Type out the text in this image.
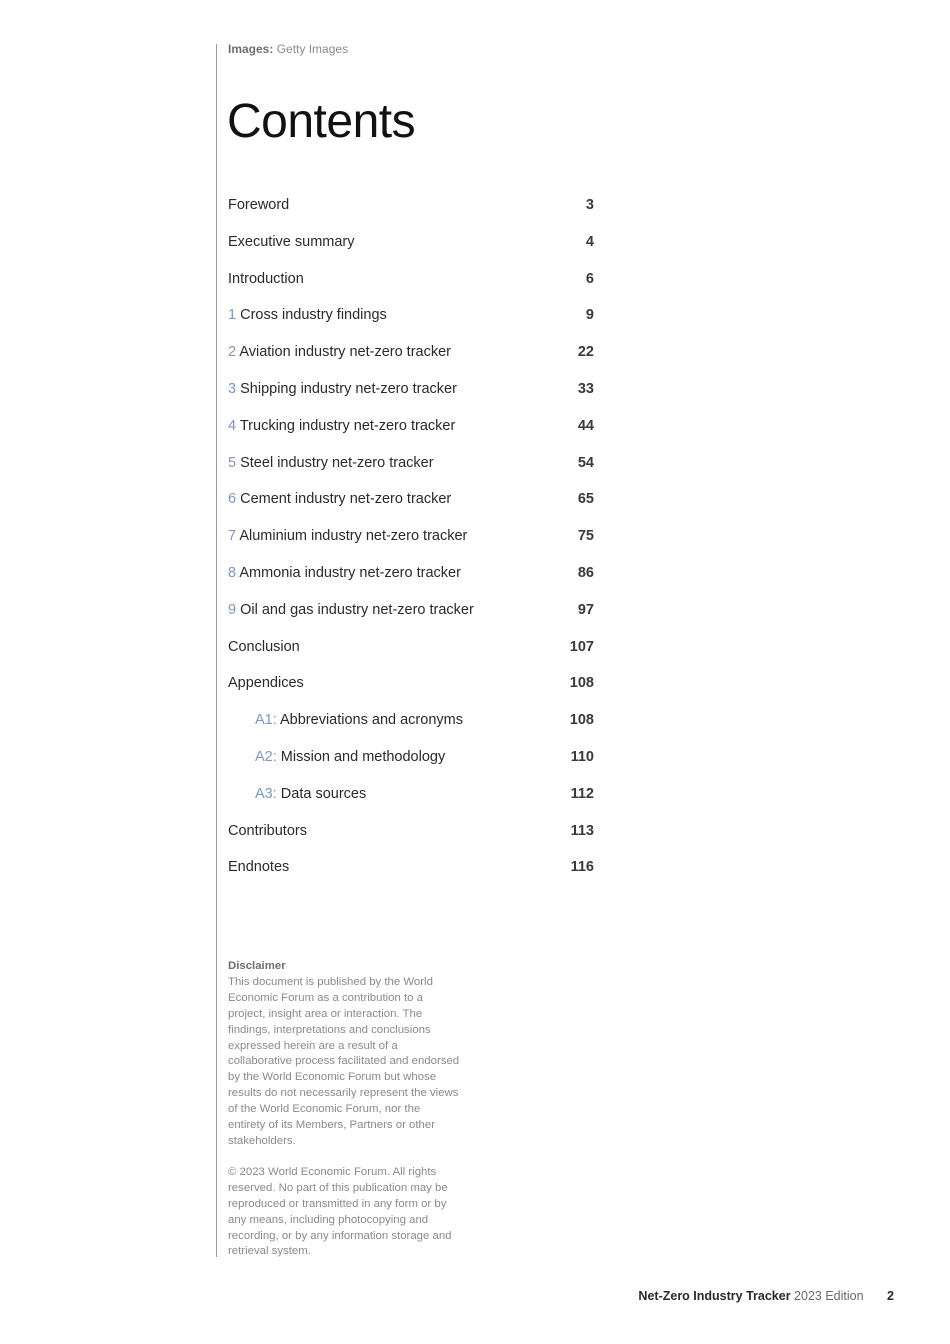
Images: Getty Images
Contents
Foreword	3
Executive summary	4
Introduction	6
1 Cross industry findings	9
2 Aviation industry net-zero tracker	22
3 Shipping industry net-zero tracker	33
4 Trucking industry net-zero tracker	44
5 Steel industry net-zero tracker	54
6 Cement industry net-zero tracker	65
7 Aluminium industry net-zero tracker	75
8 Ammonia industry net-zero tracker	86
9 Oil and gas industry net-zero tracker	97
Conclusion	107
Appendices	108
A1: Abbreviations and acronyms	108
A2: Mission and methodology	110
A3: Data sources	112
Contributors	113
Endnotes	116
Disclaimer

This document is published by the World Economic Forum as a contribution to a project, insight area or interaction. The findings, interpretations and conclusions expressed herein are a result of a collaborative process facilitated and endorsed by the World Economic Forum but whose results do not necessarily represent the views of the World Economic Forum, nor the entirety of its Members, Partners or other stakeholders.

© 2023 World Economic Forum. All rights reserved. No part of this publication may be reproduced or transmitted in any form or by any means, including photocopying and recording, or by any information storage and retrieval system.

Net-Zero Industry Tracker 2023 Edition 2
